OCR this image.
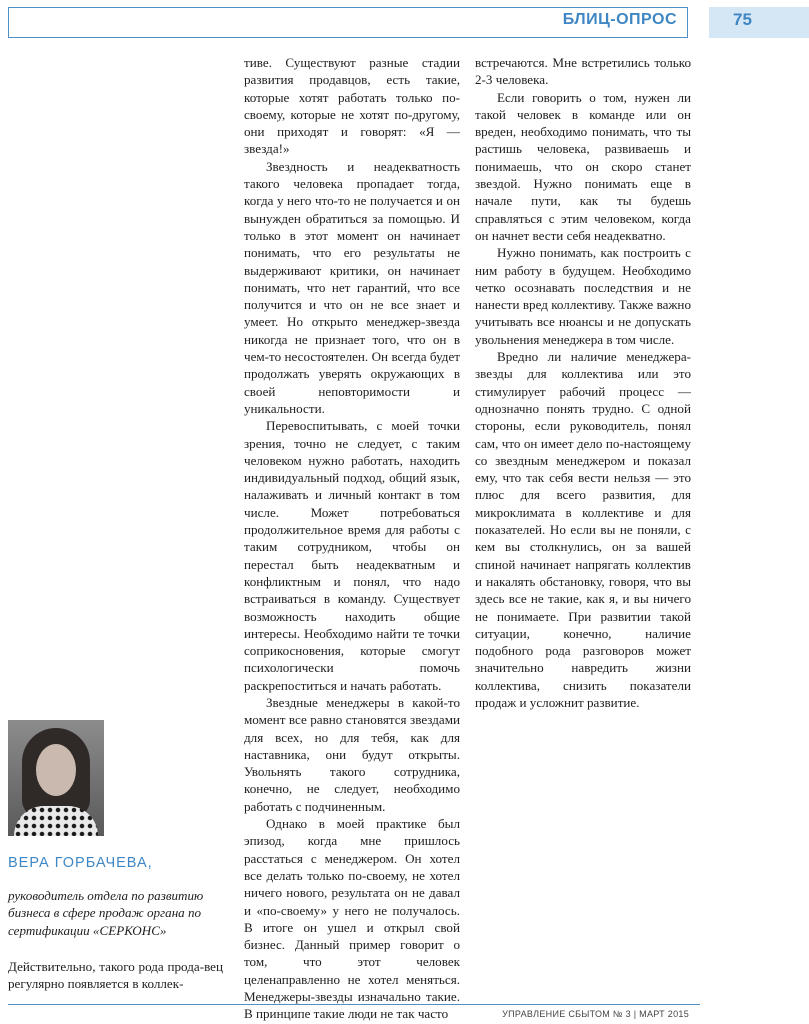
БЛИЦ-ОПРОС	75
ВЕРА ГОРБАЧЕВА,
руководитель отдела по развитию бизнеса в сфере продаж органа по сертификации «СЕРКОНС»
Действительно, такого рода прода-вец регулярно появляется в коллек-

тиве. Существуют разные стадии развития продавцов, есть такие, которые хотят работать только по-своему, которые не хотят по-другому, они приходят и говорят: «Я — звезда!»

Звездность и неадекватность такого человека пропадает тогда, когда у него что-то не получается и он вынужден обратиться за помощью. И только в этот момент он начинает понимать, что его результаты не выдерживают критики, он начинает понимать, что нет гарантий, что все получится и что он не все знает и умеет. Но открыто менеджер-звезда никогда не признает того, что он в чем-то несостоятелен. Он всегда будет продолжать уверять окружающих в своей неповторимости и уникальности.

Перевоспитывать, с моей точки зрения, точно не следует, с таким человеком нужно работать, находить индивидуальный подход, общий язык, налаживать и личный контакт в том числе. Может потребоваться продолжительное время для работы с таким сотрудником, чтобы он перестал быть неадекватным и конфликтным и понял, что надо встраиваться в команду. Существует возможность находить общие интересы. Необходимо найти те точки соприкосновения, которые смогут психологически помочь раскрепоститься и начать работать.

Звездные менеджеры в какой-то момент все равно становятся звездами для всех, но для тебя, как для наставника, они будут открыты. Увольнять такого сотрудника, конечно, не следует, необходимо работать с подчиненным.

Однако в моей практике был эпизод, когда мне пришлось расстаться с менеджером. Он хотел все делать только по-своему, не хотел ничего нового, результата он не давал и «по-своему» у него не получалось. В итоге он ушел и открыл свой бизнес. Данный пример говорит о том, что этот человек целенаправленно не хотел меняться. Менеджеры-звезды изначально такие. В принципе такие люди не так часто

встречаются. Мне встретились только 2-3 человека.

Если говорить о том, нужен ли такой человек в команде или он вреден, необходимо понимать, что ты растишь человека, развиваешь и понимаешь, что он скоро станет звездой. Нужно понимать еще в начале пути, как ты будешь справляться с этим человеком, когда он начнет вести себя неадекватно.

Нужно понимать, как построить с ним работу в будущем. Необходимо четко осознавать последствия и не нанести вред коллективу. Также важно учитывать все нюансы и не допускать увольнения менеджера в том числе.

Вредно ли наличие менеджера-звезды для коллектива или это стимулирует рабочий процесс — однозначно понять трудно. С одной стороны, если руководитель, понял сам, что он имеет дело по-настоящему со звездным менеджером и показал ему, что так себя вести нельзя — это плюс для всего развития, для микроклимата в коллективе и для показателей. Но если вы не поняли, с кем вы столкнулись, он за вашей спиной начинает напрягать коллектив и накалять обстановку, говоря, что вы здесь все не такие, как я, и вы ничего не понимаете. При развитии такой ситуации, конечно, наличие подобного рода разговоров может значительно навредить жизни коллектива, снизить показатели продаж и усложнит развитие.

УПРАВЛЕНИЕ СБЫТОМ № 3 | МАРТ 2015
